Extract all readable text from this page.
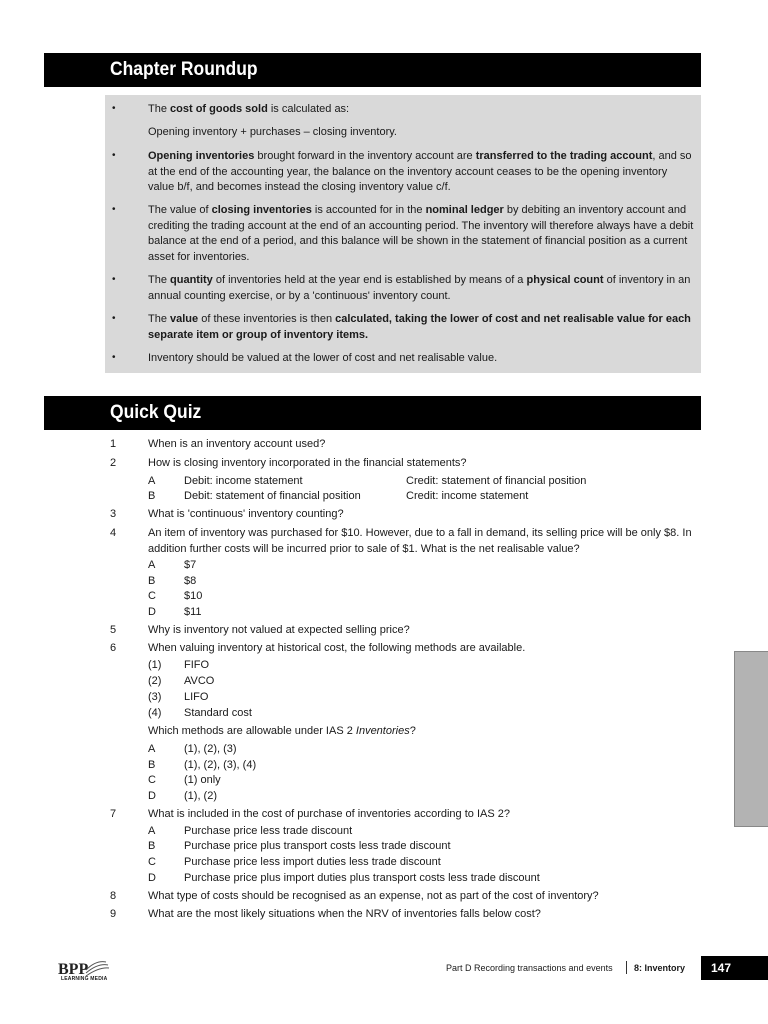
Chapter Roundup
•
The cost of goods sold is calculated as:
Opening inventory + purchases – closing inventory.
•
Opening inventories brought forward in the inventory account are transferred to the trading account, and so at the end of the accounting year, the balance on the inventory account ceases to be the opening inventory value b/f, and becomes instead the closing inventory value c/f.
•
The value of closing inventories is accounted for in the nominal ledger by debiting an inventory account and crediting the trading account at the end of an accounting period. The inventory will therefore always have a debit balance at the end of a period, and this balance will be shown in the statement of financial position as a current asset for inventories.
•
The quantity of inventories held at the year end is established by means of a physical count of inventory in an annual counting exercise, or by a 'continuous' inventory count.
•
The value of these inventories is then calculated, taking the lower of cost and net realisable value for each separate item or group of inventory items.
•
Inventory should be valued at the lower of cost and net realisable value.
Quick Quiz
1	When is an inventory account used?
2	How is closing inventory incorporated in the financial statements?
A	Debit: income statement	Credit: statement of financial position
B	Debit: statement of financial position	Credit: income statement
3	What is 'continuous' inventory counting?
4	An item of inventory was purchased for $10. However, due to a fall in demand, its selling price will be only $8. In addition further costs will be incurred prior to sale of $1. What is the net realisable value?
A	$7
B	$8
C	$10
D	$11
5	Why is inventory not valued at expected selling price?
6	When valuing inventory at historical cost, the following methods are available.
(1) FIFO
(2) AVCO
(3) LIFO
(4) Standard cost
Which methods are allowable under IAS 2 Inventories?
A	(1), (2), (3)
B	(1), (2), (3), (4)
C	(1) only
D	(1), (2)
7	What is included in the cost of purchase of inventories according to IAS 2?
A	Purchase price less trade discount
B	Purchase price plus transport costs less trade discount
C	Purchase price less import duties less trade discount
D	Purchase price plus import duties plus transport costs less trade discount
8	What type of costs should be recognised as an expense, not as part of the cost of inventory?
9	What are the most likely situations when the NRV of inventories falls below cost?
BPP
LEARNING MEDIA
Part D Recording transactions and events 8: Inventory	147
